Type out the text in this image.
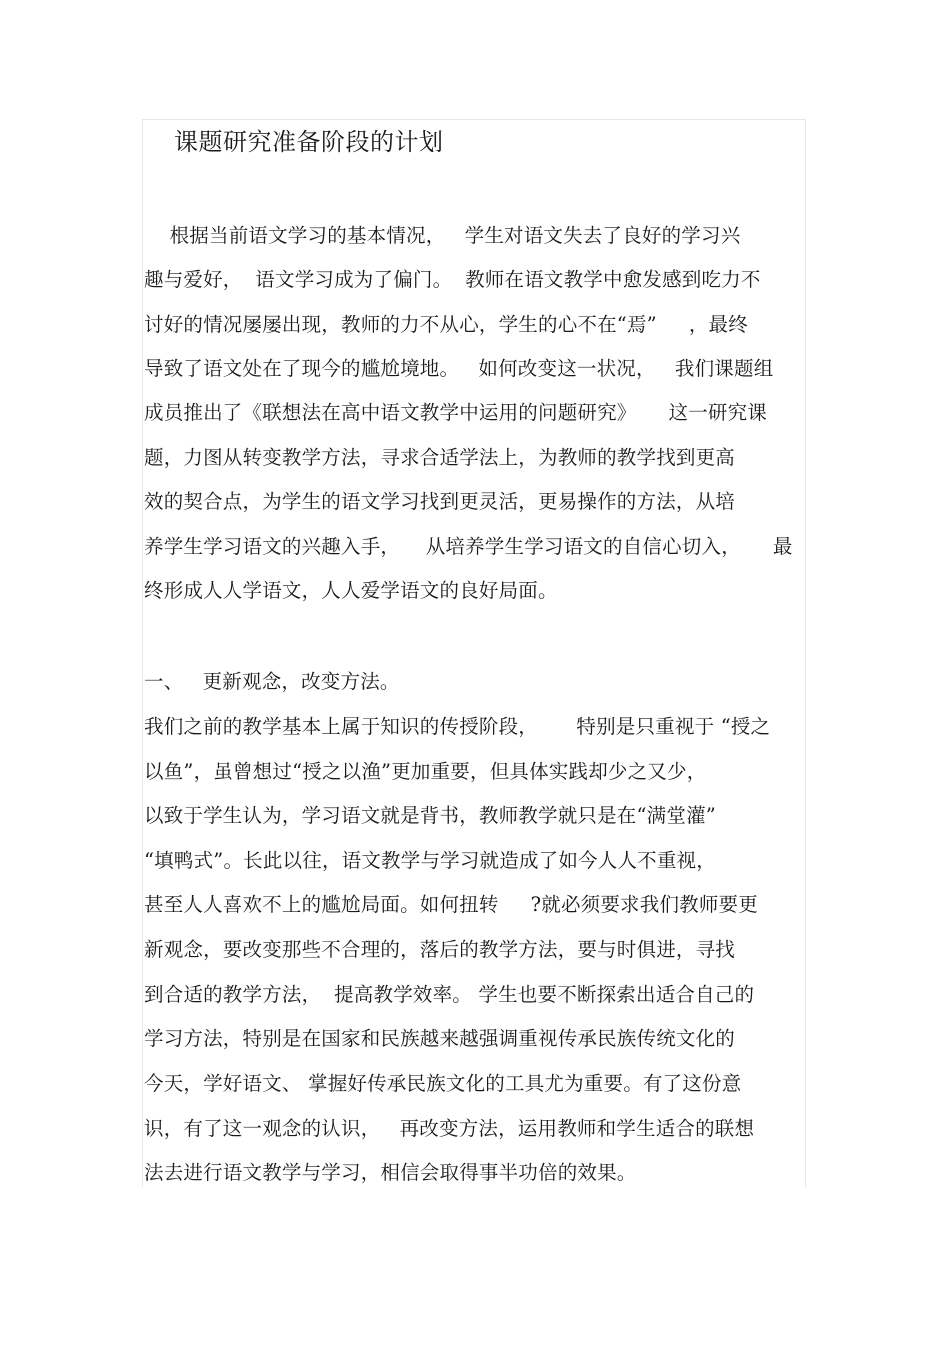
课题研究准备阶段的计划
根据当前语文学习的基本情况，   学生对语文失去了良好的学习兴
趣与爱好，  语文学习成为了偏门。  教师在语文教学中愈发感到吃力不
讨好的情况屡屡出现，教师的力不从心，学生的心不在“焉”     ，最终
导致了语文处在了现今的尴尬境地。   如何改变这一状况，   我们课题组
成员推出了《联想法在高中语文教学中运用的问题研究》     这一研究课
题，力图从转变教学方法，寻求合适学法上，为教师的教学找到更高
效的契合点，为学生的语文学习找到更灵活，更易操作的方法，从培
养学生学习语文的兴趣入手，    从培养学生学习语文的自信心切入，     最
终形成人人学语文，人人爱学语文的良好局面。
一、   更新观念，改变方法。
我们之前的教学基本上属于知识的传授阶段，      特别是只重视于 “授之
以鱼”，虽曾想过“授之以渔”更加重要，但具体实践却少之又少，
以致于学生认为，学习语文就是背书，教师教学就只是在“满堂灌”
“填鸭式”。长此以往，语文教学与学习就造成了如今人人不重视，
甚至人人喜欢不上的尴尬局面。如何扭转     ?就必须要求我们教师要更
新观念，要改变那些不合理的，落后的教学方法，要与时俱进，寻找
到合适的教学方法，  提高教学效率。 学生也要不断探索出适合自己的
学习方法，特别是在国家和民族越来越强调重视传承民族传统文化的
今天，学好语文、 掌握好传承民族文化的工具尤为重要。有了这份意
识，有了这一观念的认识，   再改变方法，运用教师和学生适合的联想
法去进行语文教学与学习，相信会取得事半功倍的效果。
